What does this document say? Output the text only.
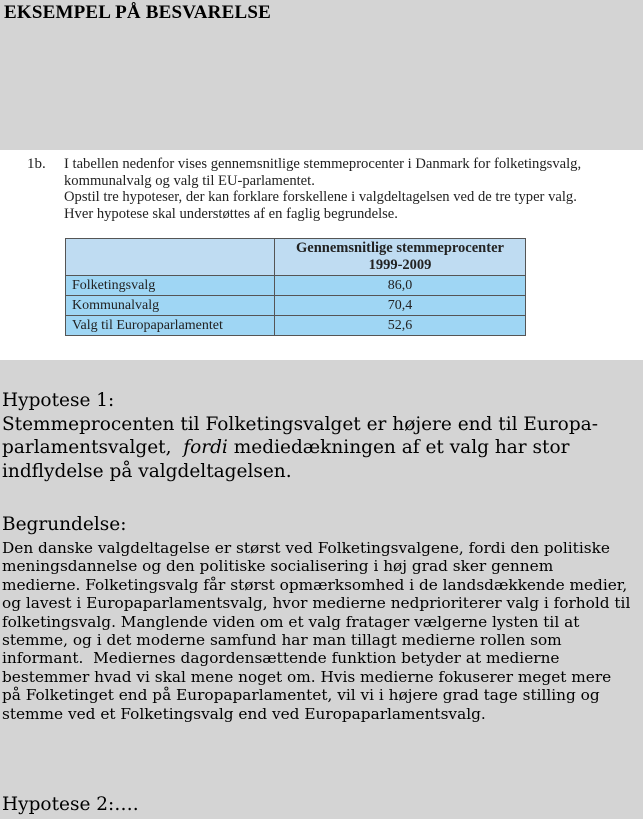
EKSEMPEL PÅ BESVARELSE
1b. I tabellen nedenfor vises gennemsnitlige stemmeprocenter i Danmark for folketingsvalg,
kommunalvalg og valg til EU-parlamentet.
Opstil tre hypoteser, der kan forklare forskellene i valgdeltagelsen ved de tre typer valg.
Hver hypotese skal understøttes af en faglig begrundelse.
	Gennemsnitlige stemmeprocenter
1999-2009
Folketingsvalg	86,0
Kommunalvalg	70,4
Valg til Europaparlamentet	52,6
Hypotese 1:
Stemmeprocenten til Folketingsvalget er højere end til Europa-
parlamentsvalget,  fordi mediedækningen af et valg har stor
indflydelse på valgdeltagelsen.
Begrundelse:
Den danske valgdeltagelse er størst ved Folketingsvalgene, fordi den politiske
meningsdannelse og den politiske socialisering i høj grad sker gennem
medierne. Folketingsvalg får størst opmærksomhed i de landsdækkende medier,
og lavest i Europaparlamentsvalg, hvor medierne nedprioriterer valg i forhold til
folketingsvalg. Manglende viden om et valg fratager vælgerne lysten til at
stemme, og i det moderne samfund har man tillagt medierne rollen som
informant.  Mediernes dagordensættende funktion betyder at medierne
bestemmer hvad vi skal mene noget om. Hvis medierne fokuserer meget mere
på Folketinget end på Europaparlamentet, vil vi i højere grad tage stilling og
stemme ved et Folketingsvalg end ved Europaparlamentsvalg.
Hypotese 2:….
